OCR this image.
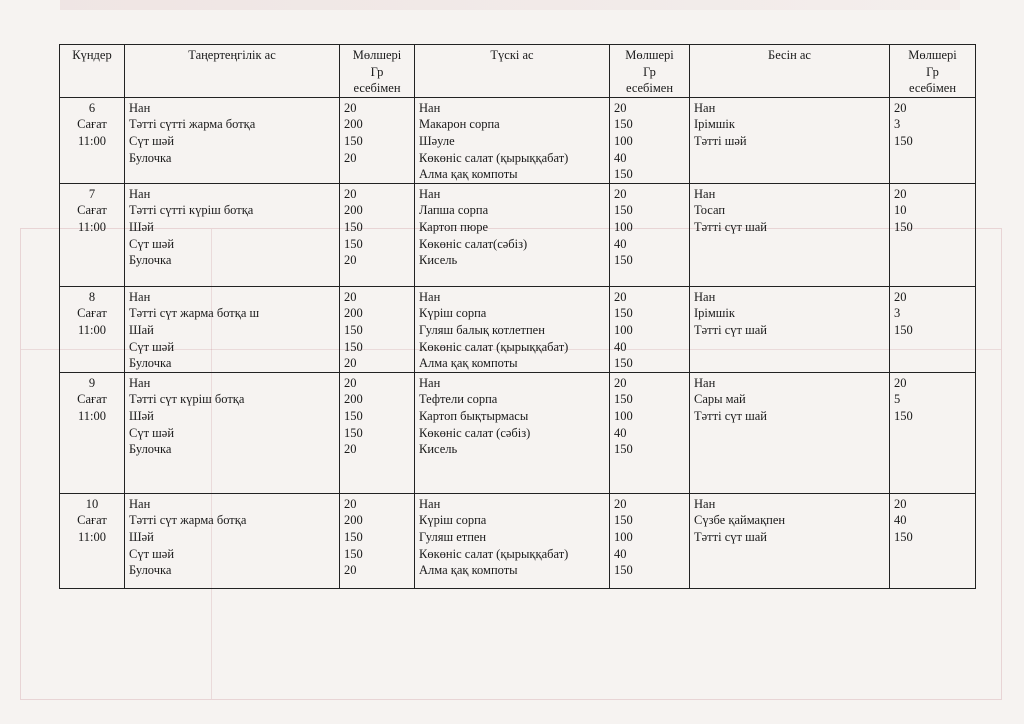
Күндер	Таңертеңгілік ас	Мөлшері
Гр
есебімен	Түскі ас	Мөлшері
Гр
есебімен	Бесін ас	Мөлшері
Гр
есебімен

6
Сағат
11:00	Нан
Тәтті сүтті жарма ботқа
Сүт шәй
Булочка	20
200
150
20	Нан
Макарон сорпа
Шәуле
Көкөніс салат (қырыққабат)
Алма қақ компоты	20
150
100
40
150	Нан
Ірімшік
Тәтті шәй	20
3
150

7
Сағат
11:00	Нан
Тәтті сүтті күріш ботқа
Шәй
Сүт шәй
Булочка	20
200
150
150
20	Нан
Лапша сорпа
Картоп пюре
Көкөніс салат(сәбіз)
Кисель	20
150
100
40
150	Нан
Тосап
Тәтті сүт шай	20
10
150

8
Сағат
11:00	Нан
Тәтті сүт жарма ботқа ш
Шай
Сүт шәй
Булочка	20
200
150
150
20	Нан
Күріш сорпа
Гуляш балық котлетпен
Көкөніс салат (қырыққабат)
Алма қақ компоты	20
150
100
40
150	Нан
Ірімшік
Тәтті сүт шай	20
3
150

9
Сағат
11:00	Нан
Тәтті сүт күріш ботқа
Шәй
Сүт шәй
Булочка	20
200
150
150
20	Нан
Тефтели сорпа
Картоп бықтырмасы
Көкөніс салат (сәбіз)
Кисель	20
150
100
40
150	Нан
Сары май
Тәтті сүт шай	20
5
150

10
Сағат
11:00	Нан
Тәтті сүт жарма ботқа
Шәй
Сүт шәй
Булочка	20
200
150
150
20	Нан
Күріш сорпа
Гуляш етпен
Көкөніс салат (қырыққабат)
Алма қақ компоты	20
150
100
40
150	Нан
Сүзбе қаймақпен
Тәтті сүт шай	20
40
150
